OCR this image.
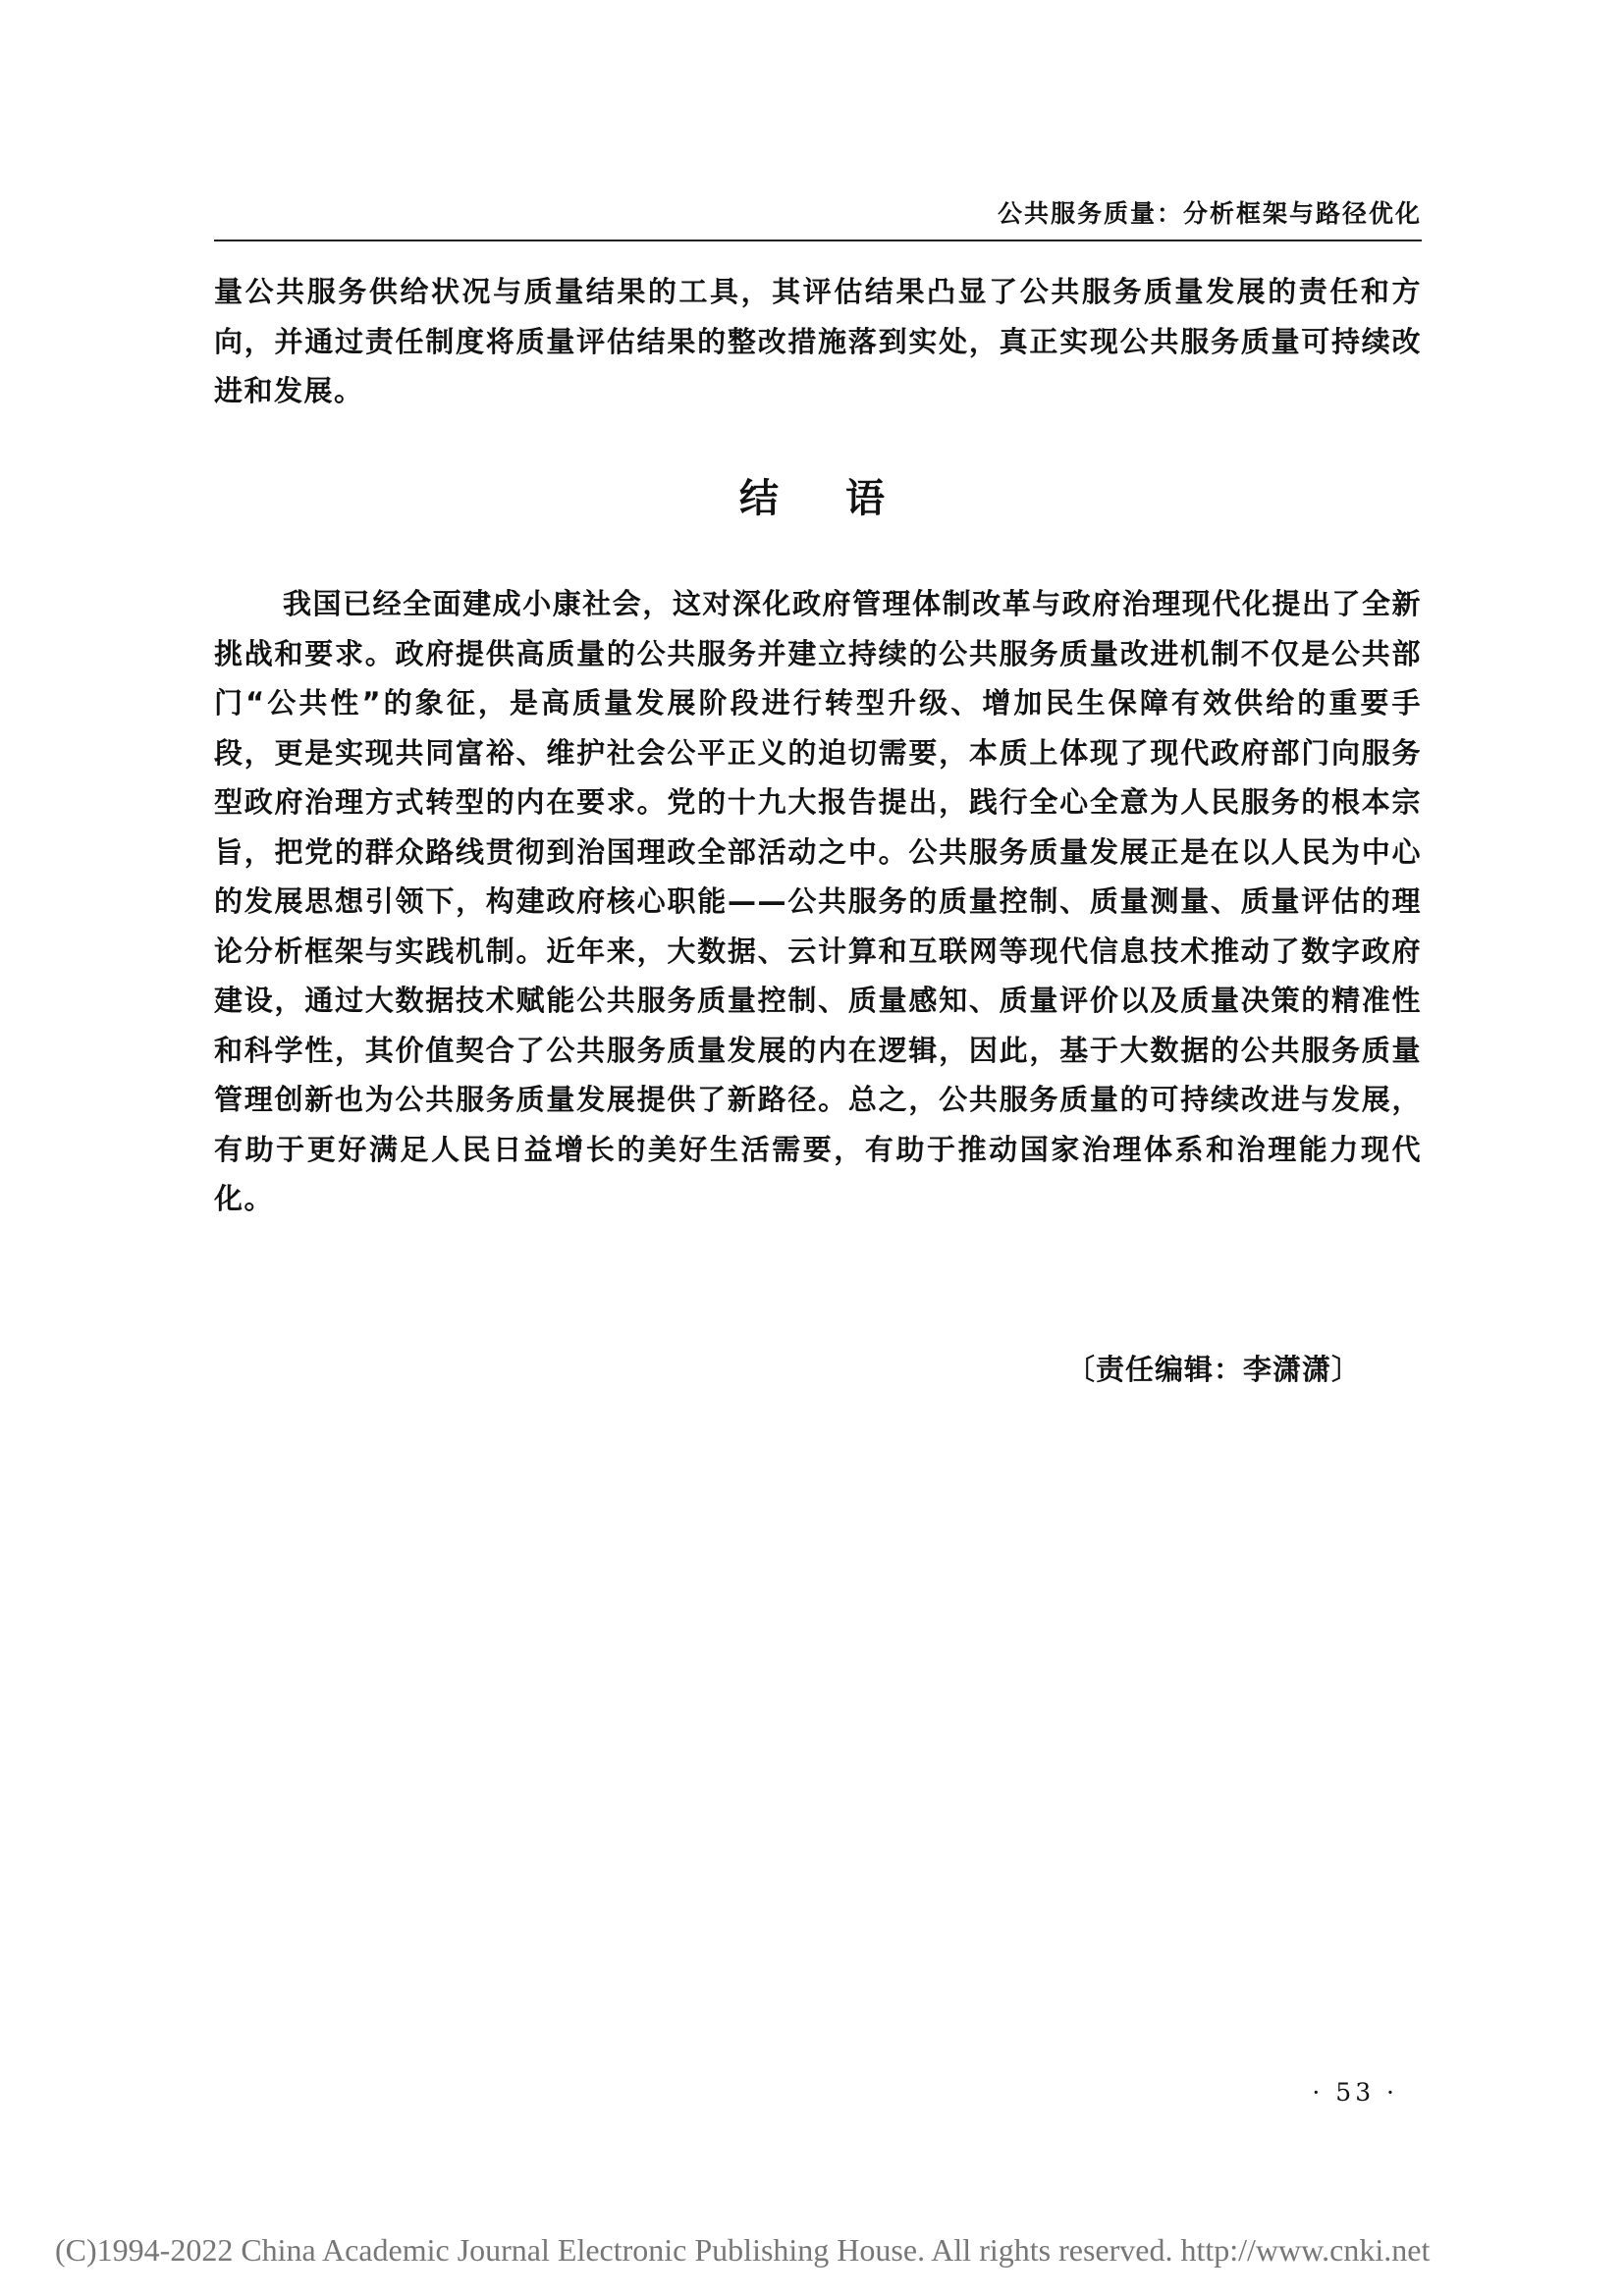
公共服务质量：分析框架与路径优化

量公共服务供给状况与质量结果的工具，其评估结果凸显了公共服务质量发展的责任和方向，并通过责任制度将质量评估结果的整改措施落到实处，真正实现公共服务质量可持续改进和发展。

结语

我国已经全面建成小康社会，这对深化政府管理体制改革与政府治理现代化提出了全新挑战和要求。政府提供高质量的公共服务并建立持续的公共服务质量改进机制不仅是公共部门“公共性”的象征，是高质量发展阶段进行转型升级、增加民生保障有效供给的重要手段，更是实现共同富裕、维护社会公平正义的迫切需要，本质上体现了现代政府部门向服务型政府治理方式转型的内在要求。党的十九大报告提出，践行全心全意为人民服务的根本宗旨，把党的群众路线贯彻到治国理政全部活动之中。公共服务质量发展正是在以人民为中心的发展思想引领下，构建政府核心职能——公共服务的质量控制、质量测量、质量评估的理论分析框架与实践机制。近年来，大数据、云计算和互联网等现代信息技术推动了数字政府建设，通过大数据技术赋能公共服务质量控制、质量感知、质量评价以及质量决策的精准性和科学性，其价值契合了公共服务质量发展的内在逻辑，因此，基于大数据的公共服务质量管理创新也为公共服务质量发展提供了新路径。总之，公共服务质量的可持续改进与发展，有助于更好满足人民日益增长的美好生活需要，有助于推动国家治理体系和治理能力现代化。

〔责任编辑：李潇潇〕
· 53 ·
(C)1994-2022 China Academic Journal Electronic Publishing House. All rights reserved. http://www.cnki.net
